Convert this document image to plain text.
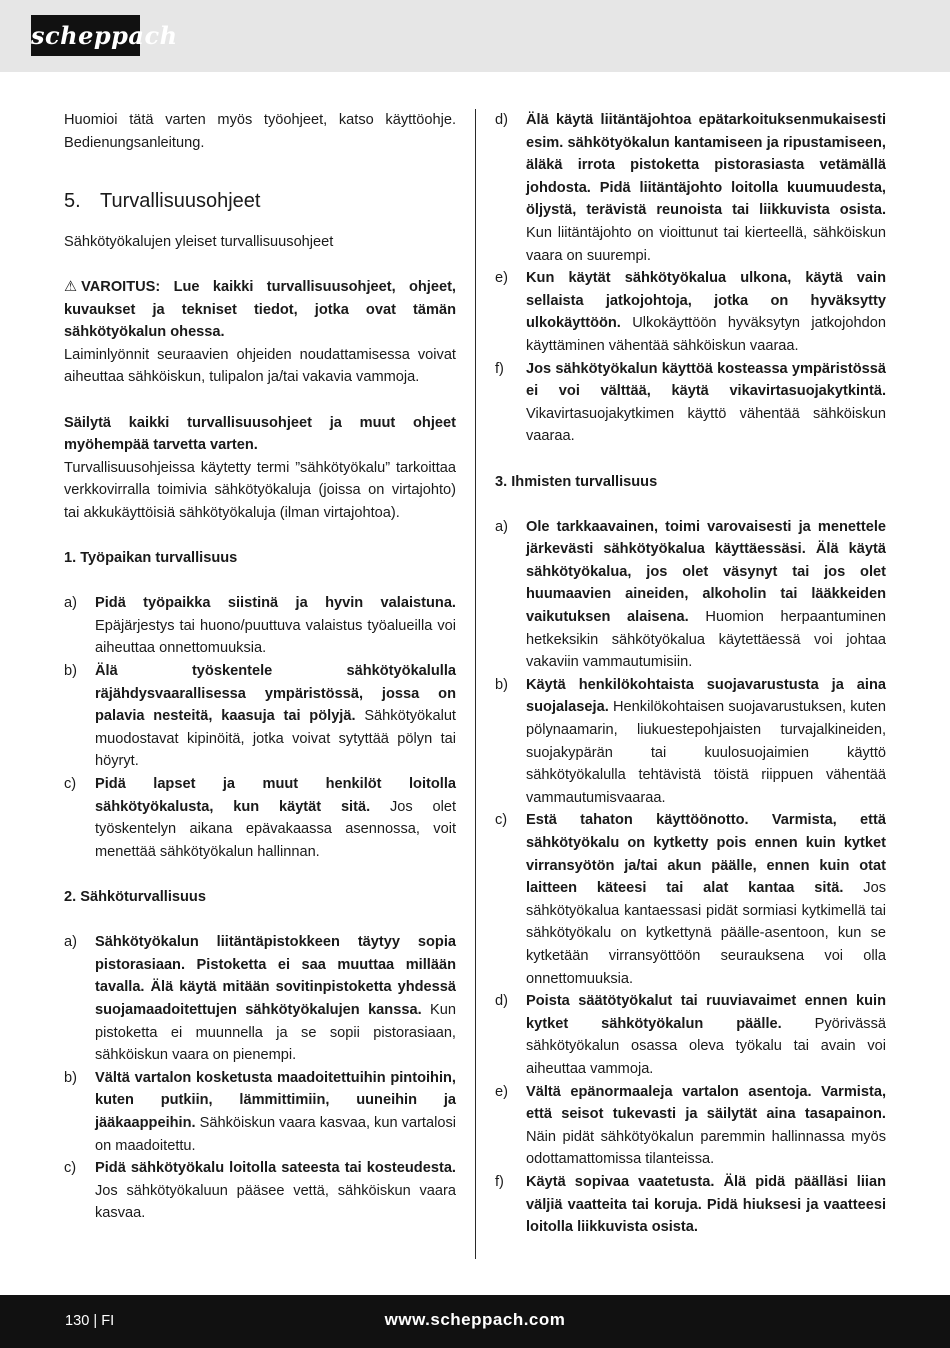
scheppach

Huomioi tätä varten myös työohjeet, katso käyttöohje. Bedienungsanleitung.

5. Turvallisuusohjeet

Sähkötyökalujen yleiset turvallisuusohjeet

⚠ VAROITUS: Lue kaikki turvallisuusohjeet, ohjeet, kuvaukset ja tekniset tiedot, jotka ovat tämän sähkötyökalun ohessa.

Laiminlyönnit seuraavien ohjeiden noudattamisessa voivat aiheuttaa sähköiskun, tulipalon ja/tai vakavia vammoja.

Säilytä kaikki turvallisuusohjeet ja muut ohjeet myöhempää tarvetta varten.

Turvallisuusohjeissa käytetty termi ”sähkötyökalu” tarkoittaa verkkovirralla toimivia sähkötyökaluja (joissa on virtajohto) tai akkukäyttöisiä sähkötyökaluja (ilman virtajohtoa).

1. Työpaikan turvallisuus

a)	Pidä työpaikka siistinä ja hyvin valaistuna. Epäjärjestys tai huono/puuttuva valaistus työalueilla voi aiheuttaa onnettomuuksia.
b)	Älä työskentele sähkötyökalulla räjähdysvaarallisessa ympäristössä, jossa on palavia nesteitä, kaasuja tai pölyjä. Sähkötyökalut muodostavat kipinöitä, jotka voivat sytyttää pölyn tai höyryt.
c)	Pidä lapset ja muut henkilöt loitolla sähkötyökalusta, kun käytät sitä. Jos olet työskentelyn aikana epävakaassa asennossa, voit menettää sähkötyökalun hallinnan.

2. Sähköturvallisuus

a)	Sähkötyökalun liitäntäpistokkeen täytyy sopia pistorasiaan. Pistoketta ei saa muuttaa millään tavalla. Älä käytä mitään sovitinpistoketta yhdessä suojamaadoitettujen sähkötyökalujen kanssa. Kun pistoketta ei muunnella ja se sopii pistorasiaan, sähköiskun vaara on pienempi.
b)	Vältä vartalon kosketusta maadoitettuihin pintoihin, kuten putkiin, lämmittimiin, uuneihin ja jääkaappeihin. Sähköiskun vaara kasvaa, kun vartalosi on maadoitettu.
c)	Pidä sähkötyökalu loitolla sateesta tai kosteudesta. Jos sähkötyökaluun pääsee vettä, sähköiskun vaara kasvaa.
d)	Älä käytä liitäntäjohtoa epätarkoituksenmukaisesti esim. sähkötyökalun kantamiseen ja ripustamiseen, äläkä irrota pistoketta pistorasiasta vetämällä johdosta. Pidä liitäntäjohto loitolla kuumuudesta, öljystä, terävistä reunoista tai liikkuvista osista. Kun liitäntäjohto on vioittunut tai kierteellä, sähköiskun vaara on suurempi.
e)	Kun käytät sähkötyökalua ulkona, käytä vain sellaista jatkojohtoja, jotka on hyväksytty ulkokäyttöön. Ulkokäyttöön hyväksytyn jatkojohdon käyttäminen vähentää sähköiskun vaaraa.
f)	Jos sähkötyökalun käyttöä kosteassa ympäristössä ei voi välttää, käytä vikavirtasuojakytkintä. Vikavirtasuojakytkimen käyttö vähentää sähköiskun vaaraa.

3. Ihmisten turvallisuus

a)	Ole tarkkaavainen, toimi varovaisesti ja menettele järkevästi sähkötyökalua käyttäessäsi. Älä käytä sähkötyökalua, jos olet väsynyt tai jos olet huumaavien aineiden, alkoholin tai lääkkeiden vaikutuksen alaisena. Huomion herpaantuminen hetkeksikin sähkötyökalua käytettäessä voi johtaa vakaviin vammautumisiin.
b)	Käytä henkilökohtaista suojavarustusta ja aina suojalaseja. Henkilökohtaisen suojavarustuksen, kuten pölynaamarin, liukuestepohjaisten turvajalkineiden, suojakypärän tai kuulosuojaimien käyttö sähkötyökalulla tehtävistä töistä riippuen vähentää vammautumisvaaraa.
c)	Estä tahaton käyttöönotto. Varmista, että sähkötyökalu on kytketty pois ennen kuin kytket virransyötön ja/tai akun päälle, ennen kuin otat laitteen käteesi tai alat kantaa sitä. Jos sähkötyökalua kantaessasi pidät sormiasi kytkimellä tai sähkötyökalu on kytkettynä päälle-asentoon, kun se kytketään virransyöttöön seurauksena voi olla onnettomuuksia.
d)	Poista säätötyökalut tai ruuviavaimet ennen kuin kytket sähkötyökalun päälle. Pyörivässä sähkötyökalun osassa oleva työkalu tai avain voi aiheuttaa vammoja.
e)	Vältä epänormaaleja vartalon asentoja. Varmista, että seisot tukevasti ja säilytät aina tasapainon. Näin pidät sähkötyökalun paremmin hallinnassa myös odottamattomissa tilanteissa.
f)	Käytä sopivaa vaatetusta. Älä pidä päälläsi liian väljiä vaatteita tai koruja. Pidä hiuksesi ja vaatteesi loitolla liikkuvista osista.
130 | FI	www.scheppach.com
